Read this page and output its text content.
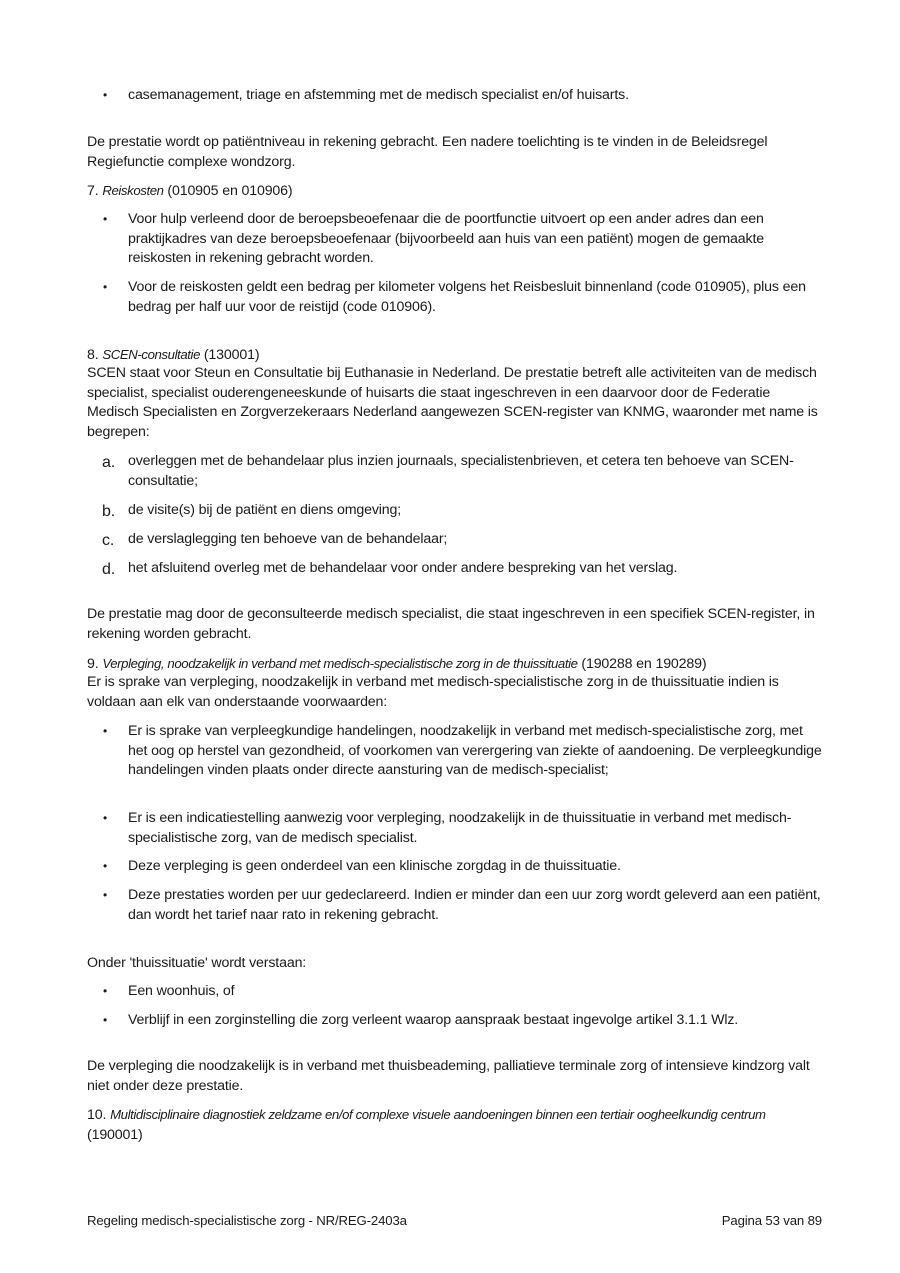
• casemanagement, triage en afstemming met de medisch specialist en/of huisarts.

De prestatie wordt op patiëntniveau in rekening gebracht. Een nadere toelichting is te vinden in de Beleidsregel Regiefunctie complexe wondzorg.

7. Reiskosten (010905 en 010906)
• Voor hulp verleend door de beroepsbeoefenaar die de poortfunctie uitvoert op een ander adres dan een praktijkadres van deze beroepsbeoefenaar (bijvoorbeeld aan huis van een patiënt) mogen de gemaakte reiskosten in rekening gebracht worden.
• Voor de reiskosten geldt een bedrag per kilometer volgens het Reisbesluit binnenland (code 010905), plus een bedrag per half uur voor de reistijd (code 010906).
8. SCEN-consultatie (130001)

SCEN staat voor Steun en Consultatie bij Euthanasie in Nederland. De prestatie betreft alle activiteiten van de medisch specialist, specialist ouderengeneeskunde of huisarts die staat ingeschreven in een daarvoor door de Federatie Medisch Specialisten en Zorgverzekeraars Nederland aangewezen SCEN-register van KNMG, waaronder met name is begrepen:

a. overleggen met de behandelaar plus inzien journaals, specialistenbrieven, et cetera ten behoeve van SCEN-consultatie;
b. de visite(s) bij de patiënt en diens omgeving;
c. de verslaglegging ten behoeve van de behandelaar;
d. het afsluitend overleg met de behandelaar voor onder andere bespreking van het verslag.

De prestatie mag door de geconsulteerde medisch specialist, die staat ingeschreven in een specifiek SCEN-register, in rekening worden gebracht.

9. Verpleging, noodzakelijk in verband met medisch-specialistische zorg in de thuissituatie (190288 en 190289)

Er is sprake van verpleging, noodzakelijk in verband met medisch-specialistische zorg in de thuissituatie indien is voldaan aan elk van onderstaande voorwaarden:

• Er is sprake van verpleegkundige handelingen, noodzakelijk in verband met medisch-specialistische zorg, met het oog op herstel van gezondheid, of voorkomen van verergering van ziekte of aandoening. De verpleegkundige handelingen vinden plaats onder directe aansturing van de medisch-specialist;
• Er is een indicatiestelling aanwezig voor verpleging, noodzakelijk in de thuissituatie in verband met medisch-specialistische zorg, van de medisch specialist.
• Deze verpleging is geen onderdeel van een klinische zorgdag in de thuissituatie.
• Deze prestaties worden per uur gedeclareerd. Indien er minder dan een uur zorg wordt geleverd aan een patiënt, dan wordt het tarief naar rato in rekening gebracht.

Onder 'thuissituatie' wordt verstaan:

• Een woonhuis, of
• Verblijf in een zorginstelling die zorg verleent waarop aanspraak bestaat ingevolge artikel 3.1.1 Wlz.

De verpleging die noodzakelijk is in verband met thuisbeademing, palliatieve terminale zorg of intensieve kindzorg valt niet onder deze prestatie.

10. Multidisciplinaire diagnostiek zeldzame en/of complexe visuele aandoeningen binnen een tertiair oogheelkundig centrum (190001)
Regeling medisch-specialistische zorg - NR/REG-2403a	Pagina 53 van 89
